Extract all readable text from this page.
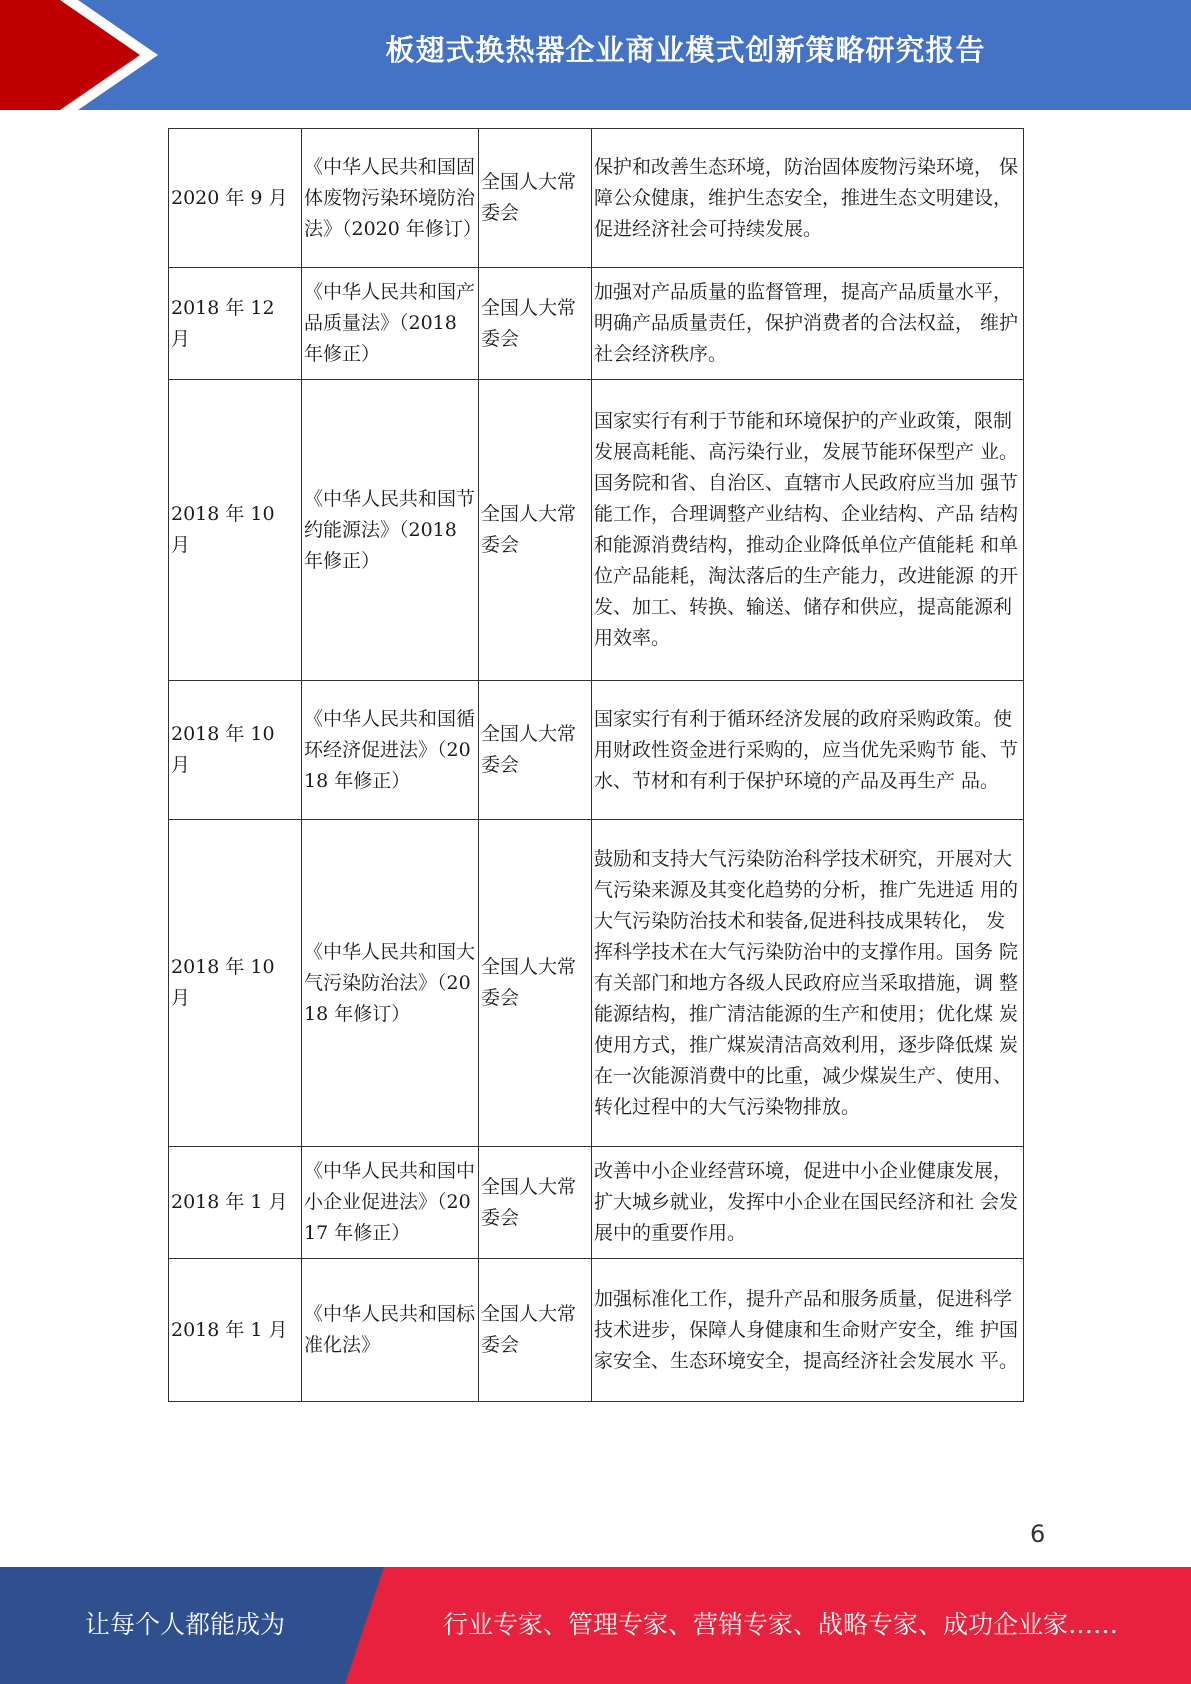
板翅式换热器企业商业模式创新策略研究报告
2020 年 9 月	《中华人民共和国固体废物污染环境防治法》（2020 年修订）	全国人大常委会	保护和改善生态环境，防治固体废物污染环境， 保障公众健康，维护生态安全，推进生态文明建设， 促进经济社会可持续发展。
2018 年 12 月	《中华人民共和国产品质量法》（2018 年修正）	全国人大常委会	加强对产品质量的监督管理，提高产品质量水平，明确产品质量责任，保护消费者的合法权益， 维护社会经济秩序。
2018 年 10 月	《中华人民共和国节约能源法》（2018 年修正）	全国人大常委会	国家实行有利于节能和环境保护的产业政策，限制发展高耗能、高污染行业，发展节能环保型产 业。国务院和省、自治区、直辖市人民政府应当加 强节能工作，合理调整产业结构、企业结构、产品 结构和能源消费结构，推动企业降低单位产值能耗 和单位产品能耗，淘汰落后的生产能力，改进能源 的开发、加工、转换、输送、储存和供应，提高能源利用效率。
2018 年 10 月	《中华人民共和国循环经济促进法》（2018 年修正）	全国人大常委会	国家实行有利于循环经济发展的政府采购政策。使用财政性资金进行采购的，应当优先采购节 能、节水、节材和有利于保护环境的产品及再生产 品。
2018 年 10 月	《中华人民共和国大气污染防治法》（2018 年修订）	全国人大常委会	鼓励和支持大气污染防治科学技术研究，开展对大气污染来源及其变化趋势的分析，推广先进适 用的大气污染防治技术和装备,促进科技成果转化， 发挥科学技术在大气污染防治中的支撑作用。国务 院有关部门和地方各级人民政府应当采取措施，调 整能源结构，推广清洁能源的生产和使用；优化煤 炭使用方式，推广煤炭清洁高效利用，逐步降低煤 炭在一次能源消费中的比重，减少煤炭生产、使用、 转化过程中的大气污染物排放。
2018 年 1 月	《中华人民共和国中小企业促进法》（2017 年修正）	全国人大常委会	改善中小企业经营环境，促进中小企业健康发展，扩大城乡就业，发挥中小企业在国民经济和社 会发展中的重要作用。
2018 年 1 月	《中华人民共和国标准化法》	全国人大常委会	加强标准化工作，提升产品和服务质量，促进科学技术进步，保障人身健康和生命财产安全，维 护国家安全、生态环境安全，提高经济社会发展水 平。
6
让每个人都能成为	行业专家、管理专家、营销专家、战略专家、成功企业家……
